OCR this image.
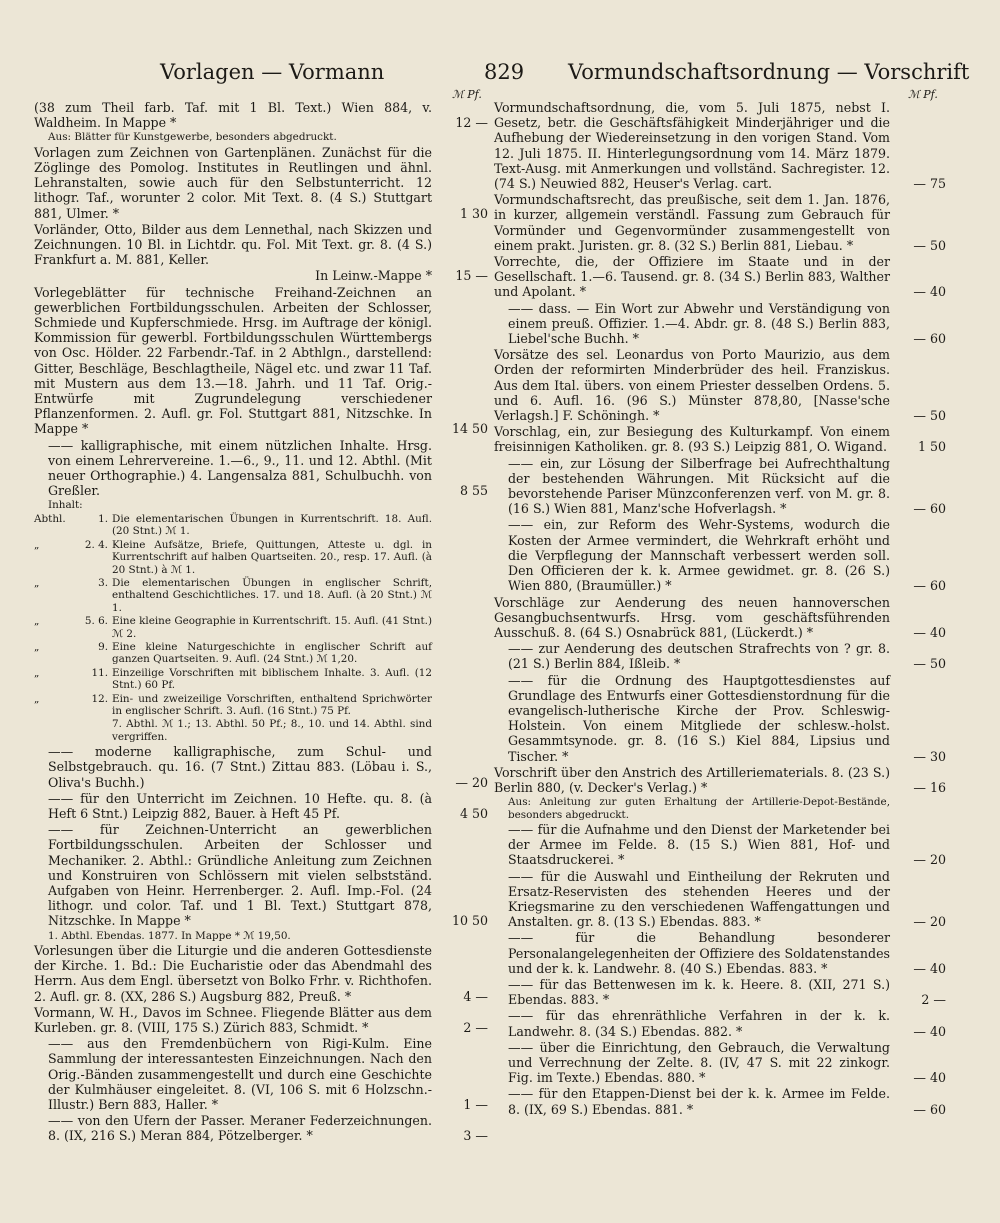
Vorlagen — Vormann	829 Vormundschaftsordnung — Vorschrift
ℳ Pf.	ℳ Pf.
(38 zum Theil farb. Taf. mit 1 Bl. Text.) Wien 884, v. Waldheim. In Mappe *	12 —
Aus: Blätter für Kunstgewerbe, besonders abgedruckt.
Vorlagen zum Zeichnen von Gartenplänen. Zunächst für die Zöglinge des Pomolog. Institutes in Reutlingen und ähnl. Lehranstalten, sowie auch für den Selbstunterricht. 12 lithogr. Taf., worunter 2 color. Mit Text. 8. (4 S.) Stuttgart 881, Ulmer. *	1 30
Vorländer, Otto, Bilder aus dem Lennethal, nach Skizzen und Zeichnungen. 10 Bl. in Lichtdr. qu. Fol. Mit Text. gr. 8. (4 S.) Frankfurt a. M. 881, Keller.
In Leinw.-Mappe *	15 —
Vorlegeblätter für technische Freihand-Zeichnen an gewerblichen Fortbildungsschulen. Arbeiten der Schlosser, Schmiede und Kupferschmiede. Hrsg. im Auftrage der königl. Kommission für gewerbl. Fortbildungsschulen Württembergs von Osc. Hölder. 22 Farbendr.-Taf. in 2 Abthlgn., darstellend: Gitter, Beschläge, Beschlagtheile, Nägel etc. und zwar 11 Taf. mit Mustern aus dem 13.—18. Jahrh. und 11 Taf. Orig.-Entwürfe mit Zugrundelegung verschiedener Pflanzenformen. 2. Aufl. gr. Fol. Stuttgart 881, Nitzschke. In Mappe *	14 50
—— kalligraphische, mit einem nützlichen Inhalte. Hrsg. von einem Lehrervereine. 1.—6., 9., 11. und 12. Abthl. (Mit neuer Orthographie.) 4. Langensalza 881, Schulbuchh. von Greßler.	8 55
Inhalt:
Abthl.	1. Die elementarischen Übungen in Kurrentschrift. 18. Aufl. (20 Stnt.) ℳ 1.
„	2. 4. Kleine Aufsätze, Briefe, Quittungen, Atteste u. dgl. in Kurrentschrift auf halben Quartseiten. 20., resp. 17. Aufl. (à 20 Stnt.) à ℳ 1.
„	3. Die elementarischen Übungen in englischer Schrift, enthaltend Geschichtliches. 17. und 18. Aufl. (à 20 Stnt.) ℳ 1.
„	5. 6. Eine kleine Geographie in Kurrentschrift. 15. Aufl. (41 Stnt.) ℳ 2.
„	9. Eine kleine Naturgeschichte in englischer Schrift auf ganzen Quartseiten. 9. Aufl. (24 Stnt.) ℳ 1,20.
„	11. Einzeilige Vorschriften mit biblischem Inhalte. 3. Aufl. (12 Stnt.) 60 Pf.
„	12. Ein- und zweizeilige Vorschriften, enthaltend Sprichwörter in englischer Schrift. 3. Aufl. (16 Stnt.) 75 Pf.
7. Abthl. ℳ 1.; 13. Abthl. 50 Pf.; 8., 10. und 14. Abthl. sind vergriffen.
—— moderne kalligraphische, zum Schul- und Selbstgebrauch. qu. 16. (7 Stnt.) Zittau 883. (Löbau i. S., Oliva's Buchh.)	— 20
—— für den Unterricht im Zeichnen. 10 Hefte. qu. 8. (à Heft 6 Stnt.) Leipzig 882, Bauer. à Heft 45 Pf.	4 50
—— für Zeichnen-Unterricht an gewerblichen Fortbildungsschulen. Arbeiten der Schlosser und Mechaniker. 2. Abthl.: Gründliche Anleitung zum Zeichnen und Konstruiren von Schlössern mit vielen selbstständ. Aufgaben von Heinr. Herrenberger. 2. Aufl. Imp.-Fol. (24 lithogr. und color. Taf. und 1 Bl. Text.) Stuttgart 878, Nitzschke. In Mappe *	10 50
1. Abthl. Ebendas. 1877. In Mappe * ℳ 19,50.
Vorlesungen über die Liturgie und die anderen Gottesdienste der Kirche. 1. Bd.: Die Eucharistie oder das Abendmahl des Herrn. Aus dem Engl. übersetzt von Bolko Frhr. v. Richthofen. 2. Aufl. gr. 8. (XX, 286 S.) Augsburg 882, Preuß. *	4 —
Vormann, W. H., Davos im Schnee. Fliegende Blätter aus dem Kurleben. gr. 8. (VIII, 175 S.) Zürich 883, Schmidt. *	2 —
—— aus den Fremdenbüchern von Rigi-Kulm. Eine Sammlung der interessantesten Einzeichnungen. Nach den Orig.-Bänden zusammengestellt und durch eine Geschichte der Kulmhäuser eingeleitet. 8. (VI, 106 S. mit 6 Holzschn.-Illustr.) Bern 883, Haller. *	1 —
—— von den Ufern der Passer. Meraner Federzeichnungen. 8. (IX, 216 S.) Meran 884, Pötzelberger. *	3 —
Vormundschaftsordnung, die, vom 5. Juli 1875, nebst I. Gesetz, betr. die Geschäftsfähigkeit Minderjähriger und die Aufhebung der Wiedereinsetzung in den vorigen Stand. Vom 12. Juli 1875. II. Hinterlegungsordnung vom 14. März 1879. Text-Ausg. mit Anmerkungen und vollständ. Sachregister. 12. (74 S.) Neuwied 882, Heuser's Verlag. cart.	— 75
Vormundschaftsrecht, das preußische, seit dem 1. Jan. 1876, in kurzer, allgemein verständl. Fassung zum Gebrauch für Vormünder und Gegenvormünder zusammengestellt von einem prakt. Juristen. gr. 8. (32 S.) Berlin 881, Liebau. *	— 50
Vorrechte, die, der Offiziere im Staate und in der Gesellschaft. 1.—6. Tausend. gr. 8. (34 S.) Berlin 883, Walther und Apolant. *	— 40
—— dass. — Ein Wort zur Abwehr und Verständigung von einem preuß. Offizier. 1.—4. Abdr. gr. 8. (48 S.) Berlin 883, Liebel'sche Buchh. *	— 60
Vorsätze des sel. Leonardus von Porto Maurizio, aus dem Orden der reformirten Minderbrüder des heil. Franziskus. Aus dem Ital. übers. von einem Priester desselben Ordens. 5. und 6. Aufl. 16. (96 S.) Münster 878,80, [Nasse'sche Verlagsh.] F. Schöningh. *	— 50
Vorschlag, ein, zur Besiegung des Kulturkampf. Von einem freisinnigen Katholiken. gr. 8. (93 S.) Leipzig 881, O. Wigand.	1 50
—— ein, zur Lösung der Silberfrage bei Aufrechthaltung der bestehenden Währungen. Mit Rücksicht auf die bevorstehende Pariser Münzconferenzen verf. von M. gr. 8. (16 S.) Wien 881, Manz'sche Hofverlagsh. *	— 60
—— ein, zur Reform des Wehr-Systems, wodurch die Kosten der Armee vermindert, die Wehrkraft erhöht und die Verpflegung der Mannschaft verbessert werden soll. Den Officieren der k. k. Armee gewidmet. gr. 8. (26 S.) Wien 880, (Braumüller.) *	— 60
Vorschläge zur Aenderung des neuen hannoverschen Gesangbuchsentwurfs. Hrsg. vom geschäftsführenden Ausschuß. 8. (64 S.) Osnabrück 881, (Lückerdt.) *	— 40
—— zur Aenderung des deutschen Strafrechts von ? gr. 8. (21 S.) Berlin 884, Ißleib. *	— 50
—— für die Ordnung des Hauptgottesdienstes auf Grundlage des Entwurfs einer Gottesdienstordnung für die evangelisch-lutherische Kirche der Prov. Schleswig-Holstein. Von einem Mitgliede der schlesw.-holst. Gesammtsynode. gr. 8. (16 S.) Kiel 884, Lipsius und Tischer. *	— 30
Vorschrift über den Anstrich des Artilleriematerials. 8. (23 S.) Berlin 880, (v. Decker's Verlag.) *	— 16
Aus: Anleitung zur guten Erhaltung der Artillerie-Depot-Bestände, besonders abgedruckt.
—— für die Aufnahme und den Dienst der Marketender bei der Armee im Felde. 8. (15 S.) Wien 881, Hof- und Staatsdruckerei. *	— 20
—— für die Auswahl und Eintheilung der Rekruten und Ersatz-Reservisten des stehenden Heeres und der Kriegsmarine zu den verschiedenen Waffengattungen und Anstalten. gr. 8. (13 S.) Ebendas. 883. *	— 20
—— für die Behandlung besonderer Personalangelegenheiten der Offiziere des Soldatenstandes und der k. k. Landwehr. 8. (40 S.) Ebendas. 883. *	— 40
—— für das Bettenwesen im k. k. Heere. 8. (XII, 271 S.) Ebendas. 883. *	2 —
—— für das ehrenräthliche Verfahren in der k. k. Landwehr. 8. (34 S.) Ebendas. 882. *	— 40
—— über die Einrichtung, den Gebrauch, die Verwaltung und Verrechnung der Zelte. 8. (IV, 47 S. mit 22 zinkogr. Fig. im Texte.) Ebendas. 880. *	— 40
—— für den Etappen-Dienst bei der k. k. Armee im Felde. 8. (IX, 69 S.) Ebendas. 881. *	— 60
